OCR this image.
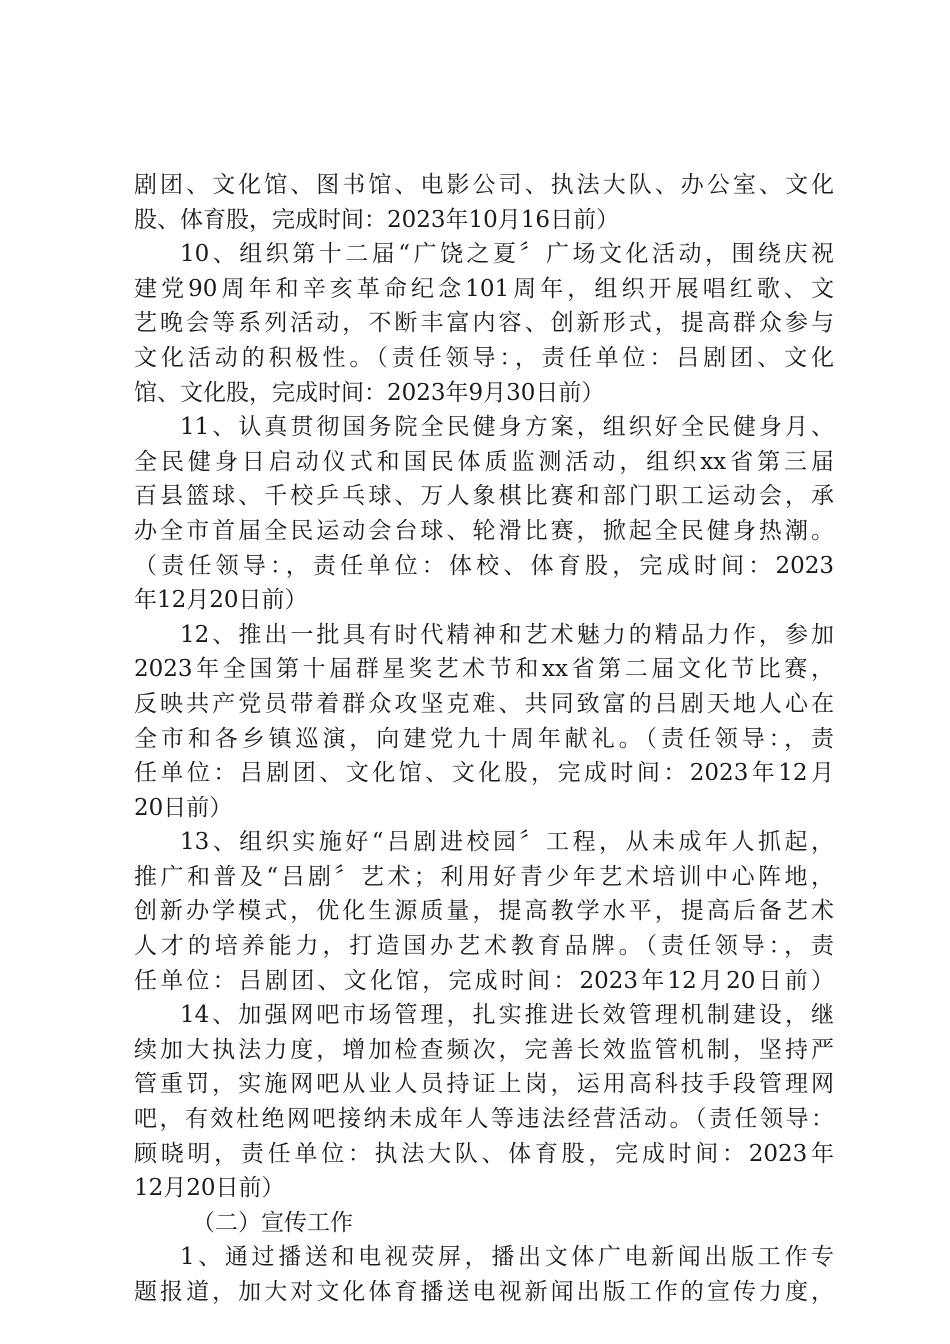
剧团、文化馆、图书馆、电影公司、执法大队、办公室、文化
股、体育股，完成时间：2023年10月16日前）
10、组织第十二届“广饶之夏〞广场文化活动，围绕庆祝
建党90周年和辛亥革命纪念101周年，组织开展唱红歌、文
艺晚会等系列活动，不断丰富内容、创新形式，提高群众参与
文化活动的积极性。（责任领导：，责任单位：吕剧团、文化
馆、文化股，完成时间：2023年9月30日前）
11、认真贯彻国务院全民健身方案，组织好全民健身月、
全民健身日启动仪式和国民体质监测活动，组织xx省第三届
百县篮球、千校乒乓球、万人象棋比赛和部门职工运动会，承
办全市首届全民运动会台球、轮滑比赛，掀起全民健身热潮。
（责任领导：，责任单位：体校、体育股，完成时间：2023
年12月20日前）
12、推出一批具有时代精神和艺术魅力的精品力作，参加
2023年全国第十届群星奖艺术节和xx省第二届文化节比赛，
反映共产党员带着群众攻坚克难、共同致富的吕剧天地人心在
全市和各乡镇巡演，向建党九十周年献礼。（责任领导：，责
任单位：吕剧团、文化馆、文化股，完成时间：2023年12月
20日前）
13、组织实施好“吕剧进校园〞工程，从未成年人抓起，
推广和普及“吕剧〞艺术；利用好青少年艺术培训中心阵地，
创新办学模式，优化生源质量，提高教学水平，提高后备艺术
人才的培养能力，打造国办艺术教育品牌。（责任领导：，责
任单位：吕剧团、文化馆，完成时间：2023年12月20日前）
14、加强网吧市场管理，扎实推进长效管理机制建设，继
续加大执法力度，增加检查频次，完善长效监管机制，坚持严
管重罚，实施网吧从业人员持证上岗，运用高科技手段管理网
吧，有效杜绝网吧接纳未成年人等违法经营活动。（责任领导：
顾晓明，责任单位：执法大队、体育股，完成时间：2023年
12月20日前）
（二）宣传工作
1、通过播送和电视荧屏，播出文体广电新闻出版工作专
题报道，加大对文化体育播送电视新闻出版工作的宣传力度，
